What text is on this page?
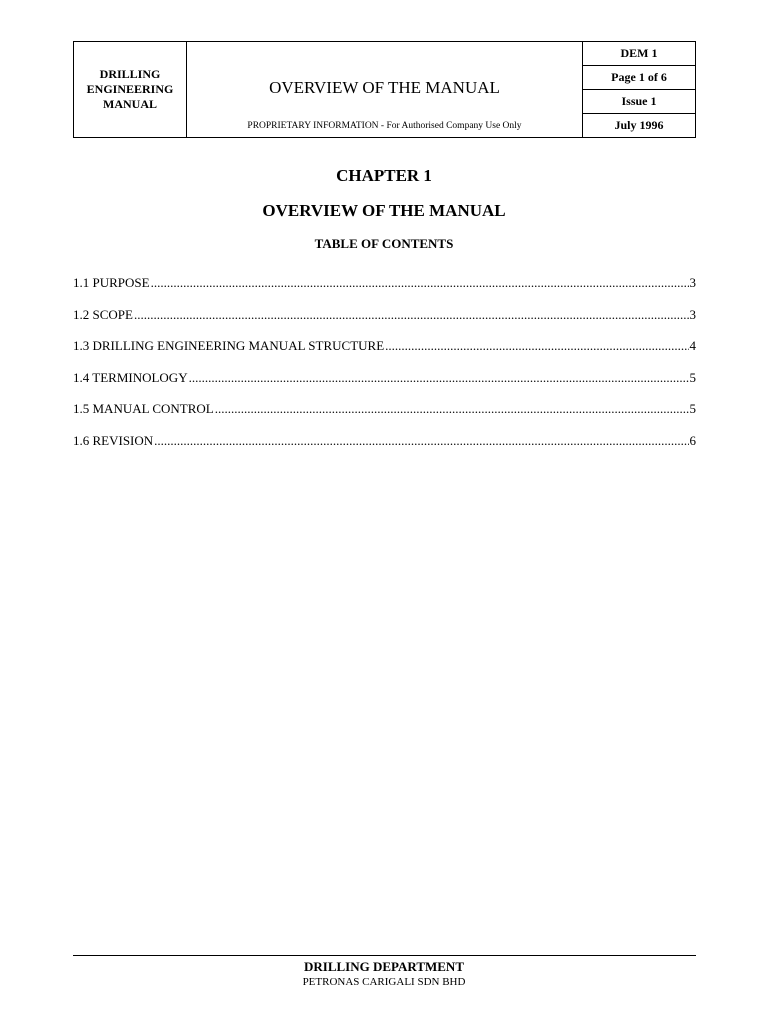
DRILLING
ENGINEERING
MANUAL

OVERVIEW OF THE MANUAL
PROPRIETARY INFORMATION - For Authorised Company Use Only
	DEM 1
Page 1 of 6
Issue 1
July 1996
CHAPTER 1
OVERVIEW OF THE MANUAL
TABLE OF CONTENTS
1.1 PURPOSE .....	3
1.2 SCOPE .....	3
1.3 DRILLING ENGINEERING MANUAL STRUCTURE .....	4
1.4 TERMINOLOGY .....	5
1.5 MANUAL CONTROL .....	5
1.6 REVISION .....	6
DRILLING DEPARTMENT
PETRONAS CARIGALI SDN BHD
